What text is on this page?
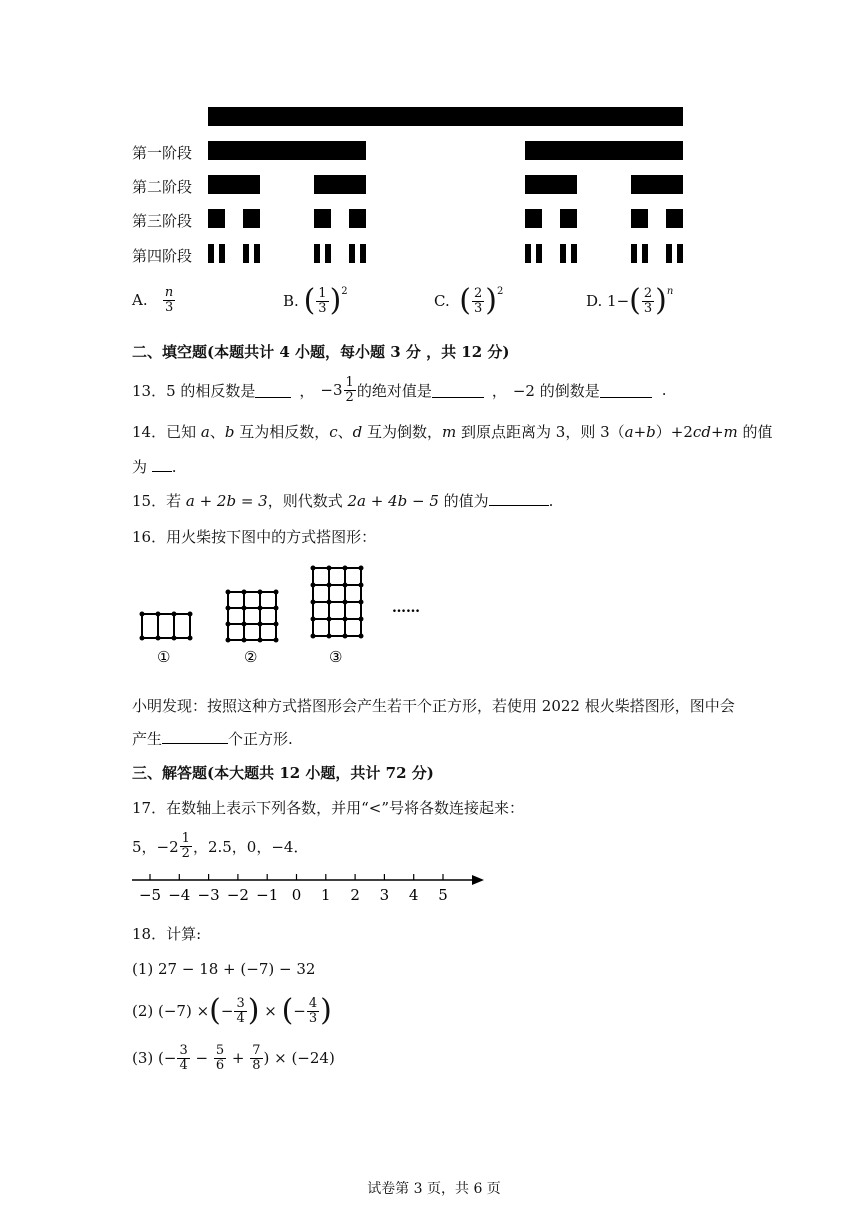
第一阶段
第二阶段
第三阶段
第四阶段
A.
$\frac{n}{3}$	B.
( $\frac{1}{3}$ ) 2
C.
( $\frac{2}{3}$ ) 2
D.
1− ( $\frac{2}{3}$ ) n
二、填空题(本题共计 4 小题，每小题 3 分 ，共 12 分)
13．5 的相反数是	， $-3 \frac{1}{2}$ 的绝对值是	， −2 的倒数是	.
14．已知 a、b 互为相反数，c、d 互为倒数，m 到原点距离为 3，则 3（a+b）+2cd+m 的值
为 .
15．若 a + 2b = 3，则代数式 2a + 4b − 5 的值为	.
16．用火柴按下图中的方式搭图形：
①	②	③
……
小明发现：按照这种方式搭图形会产生若干个正方形，若使用 2022 根火柴搭图形，图中会
产生	个正方形.
三、解答题(本大题共 12 小题，共计 72 分)
17．在数轴上表示下列各数，并用“<”号将各数连接起来：
5，$-2 \frac{1}{2}$ ，2.5，0，−4．
−5 −4 −3 −2 −1 0 1 2 3 4 5
18．计算:
(1) 27 − 18 + (−7) − 32
(2) (−7) × ( − $\frac{3}{4}$ ) × ( − $\frac{4}{3}$ )
(3) (− $\frac{3}{4} - \frac{5}{6} + \frac{7}{8}$ ) × (−24)
试卷第 3 页，共 6 页
